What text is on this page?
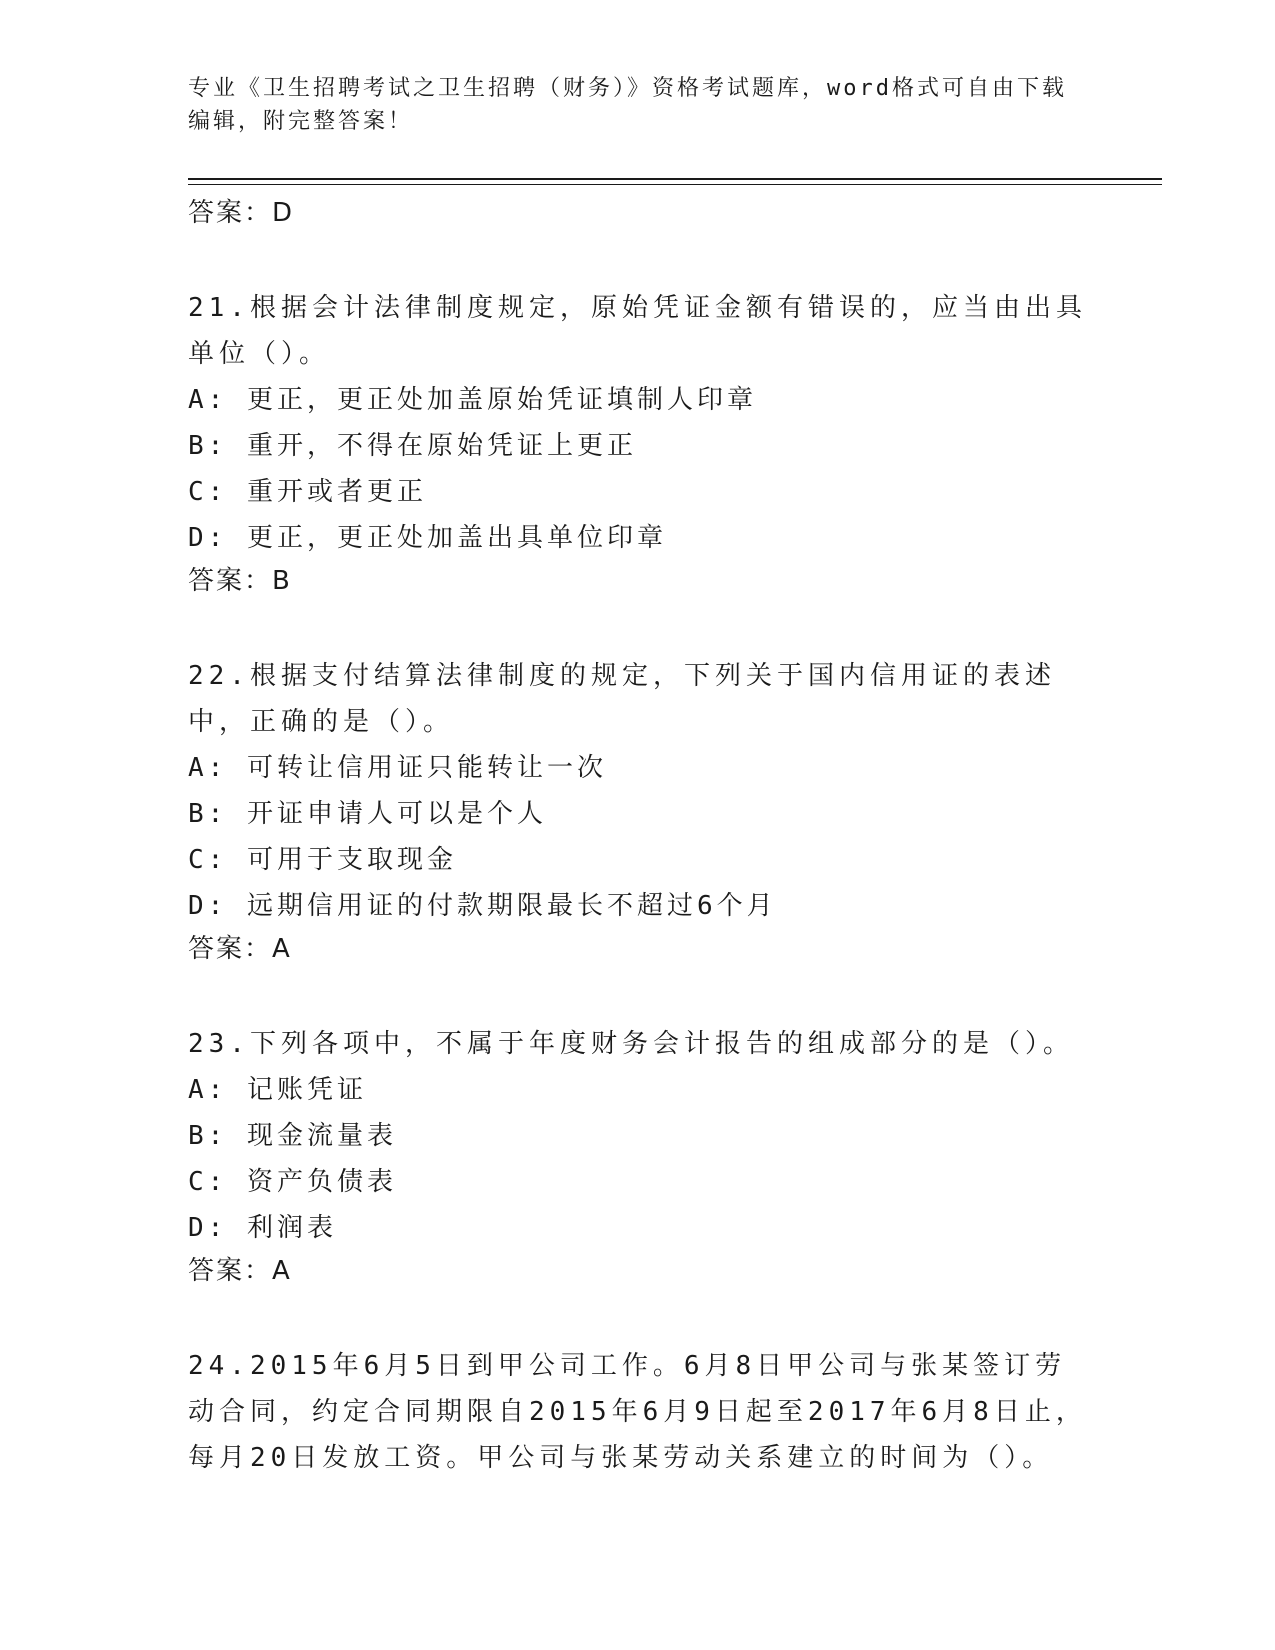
专业《卫生招聘考试之卫生招聘（财务）》资格考试题库，word格式可自由下载编辑，附完整答案！

答案：D

21.根据会计法律制度规定，原始凭证金额有错误的，应当由出具单位（）。

A: 更正，更正处加盖原始凭证填制人印章

B: 重开，不得在原始凭证上更正

C: 重开或者更正

D: 更正，更正处加盖出具单位印章

答案：B

22.根据支付结算法律制度的规定，下列关于国内信用证的表述中，正确的是（）。

A: 可转让信用证只能转让一次

B: 开证申请人可以是个人

C: 可用于支取现金

D: 远期信用证的付款期限最长不超过6个月

答案：A

23.下列各项中，不属于年度财务会计报告的组成部分的是（）。

A: 记账凭证

B: 现金流量表

C: 资产负债表

D: 利润表

答案：A

24.2015年6月5日到甲公司工作。6月8日甲公司与张某签订劳动合同，约定合同期限自2015年6月9日起至2017年6月8日止，每月20日发放工资。甲公司与张某劳动关系建立的时间为（）。
